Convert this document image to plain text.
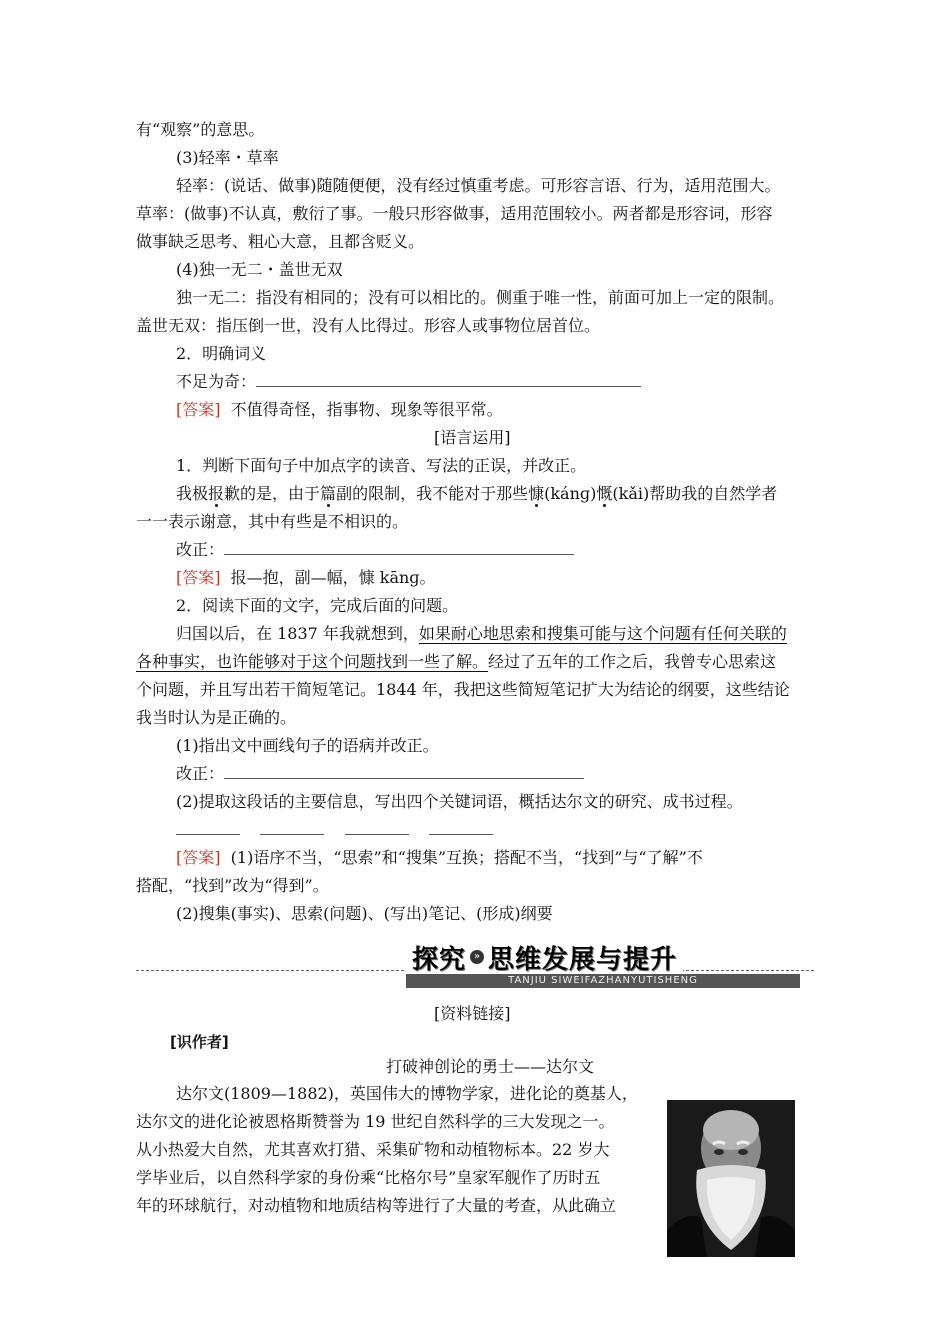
有“观察”的意思。
(3)轻率・草率
轻率：(说话、做事)随随便便，没有经过慎重考虑。可形容言语、行为，适用范围大。
草率：(做事)不认真，敷衍了事。一般只形容做事，适用范围较小。两者都是形容词，形容
做事缺乏思考、粗心大意，且都含贬义。
(4)独一无二・盖世无双
独一无二：指没有相同的；没有可以相比的。侧重于唯一性，前面可加上一定的限制。
盖世无双：指压倒一世，没有人比得过。形容人或事物位居首位。
2．明确词义
不足为奇：
[答案] 不值得奇怪，指事物、现象等很平常。
[语言运用]
1．判断下面句子中加点字的读音、写法的正误，并改正。
我极报歉的是，由于篇副的限制，我不能对于那些慷(kánɡ)慨(kǎi)帮助我的自然学者
一一表示谢意，其中有些是不相识的。
改正：
[答案] 报—抱，副—幅，慷 kānɡ。
2．阅读下面的文字，完成后面的问题。
归国以后，在 1837 年我就想到，如果耐心地思索和搜集可能与这个问题有任何关联的
各种事实，也许能够对于这个问题找到一些了解。经过了五年的工作之后，我曾专心思索这
个问题，并且写出若干简短笔记。1844 年，我把这些简短笔记扩大为结论的纲要，这些结论
我当时认为是正确的。
(1)指出文中画线句子的语病并改正。
改正：
(2)提取这段话的主要信息，写出四个关键词语，概括达尔文的研究、成书过程。

[答案] (1)语序不当，“思索”和“搜集”互换；搭配不当，“找到”与“了解”不
搭配，“找到”改为“得到”。
(2)搜集(事实)、思索(问题)、(写出)笔记、(形成)纲要
探究 » 思维发展与提升
TANJIU SIWEIFAZHANYUTISHENG
[资料链接]
[识作者]
打破神创论的勇士——达尔文
达尔文(1809—1882)，英国伟大的博物学家，进化论的奠基人，
达尔文的进化论被恩格斯赞誉为 19 世纪自然科学的三大发现之一。
从小热爱大自然，尤其喜欢打猎、采集矿物和动植物标本。22 岁大
学毕业后，以自然科学家的身份乘“比格尔号”皇家军舰作了历时五
年的环球航行，对动植物和地质结构等进行了大量的考查，从此确立
